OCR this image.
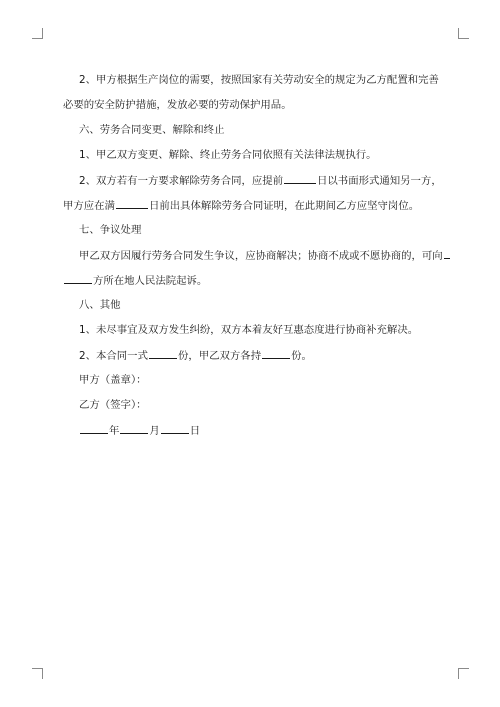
2、甲方根据生产岗位的需要，按照国家有关劳动安全的规定为乙方配置和完善
必要的安全防护措施，发放必要的劳动保护用品。
六、劳务合同变更、解除和终止
1、甲乙双方变更、解除、终止劳务合同依照有关法律法规执行。
2、双方若有一方要求解除劳务合同，应提前	日以书面形式通知另一方，
甲方应在满	日前出具体解除劳务合同证明，在此期间乙方应坚守岗位。
七、争议处理
甲乙双方因履行劳务合同发生争议，应协商解决；协商不成或不愿协商的，可向
方所在地人民法院起诉。
八、其他
1、未尽事宜及双方发生纠纷，双方本着友好互惠态度进行协商补充解决。
2、本合同一式	份，甲乙双方各持	份。
甲方（盖章）：
乙方（签字）：
年	月	日
